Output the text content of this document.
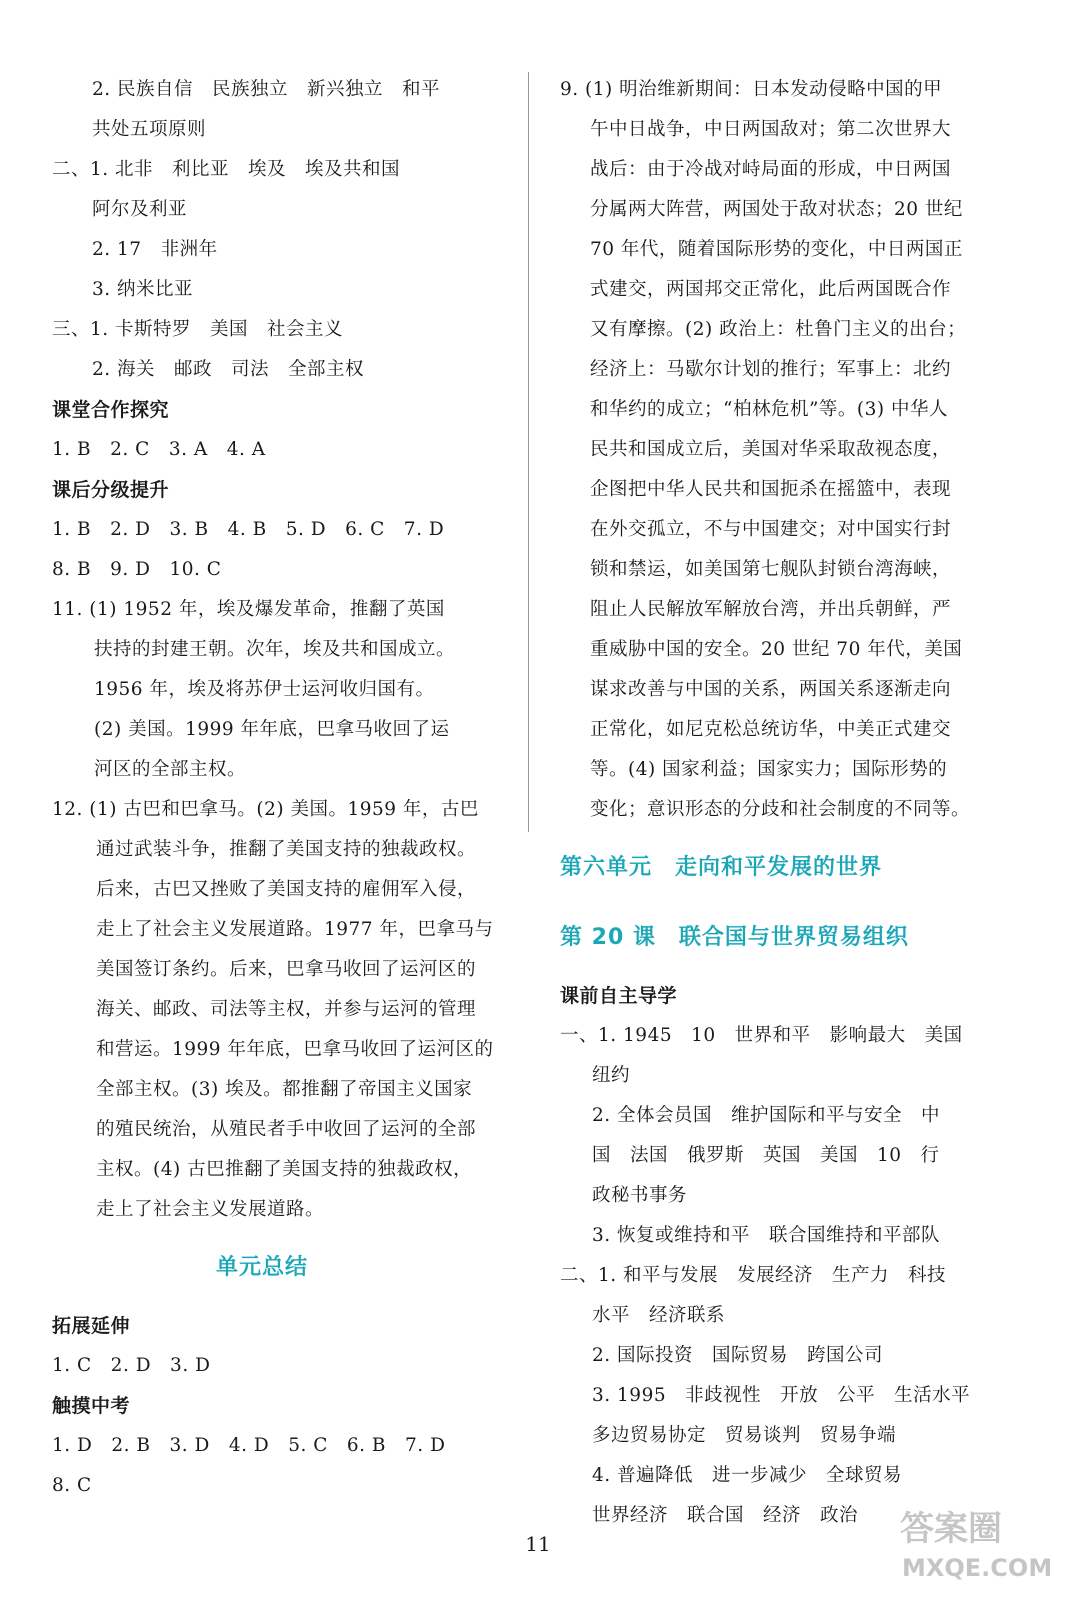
2. 民族自信　民族独立　新兴独立　和平
共处五项原则
二、1. 北非　利比亚　埃及　埃及共和国
阿尔及利亚
2. 17　非洲年
3. 纳米比亚
三、1. 卡斯特罗　美国　社会主义
2. 海关　邮政　司法　全部主权
课堂合作探究
1. B　2. C　3. A　4. A
课后分级提升
1. B　2. D　3. B　4. B　5. D　6. C　7. D
8. B　9. D　10. C
11. (1) 1952 年，埃及爆发革命，推翻了英国
扶持的封建王朝。次年，埃及共和国成立。
1956 年，埃及将苏伊士运河收归国有。
(2) 美国。1999 年年底，巴拿马收回了运
河区的全部主权。
12. (1) 古巴和巴拿马。(2) 美国。1959 年，古巴
通过武装斗争，推翻了美国支持的独裁政权。
后来，古巴又挫败了美国支持的雇佣军入侵，
走上了社会主义发展道路。1977 年，巴拿马与
美国签订条约。后来，巴拿马收回了运河区的
海关、邮政、司法等主权，并参与运河的管理
和营运。1999 年年底，巴拿马收回了运河区的
全部主权。(3) 埃及。都推翻了帝国主义国家
的殖民统治，从殖民者手中收回了运河的全部
主权。(4) 古巴推翻了美国支持的独裁政权，
走上了社会主义发展道路。
单元总结
拓展延伸
1. C　2. D　3. D
触摸中考
1. D　2. B　3. D　4. D　5. C　6. B　7. D
8. C
9. (1) 明治维新期间：日本发动侵略中国的甲
午中日战争，中日两国敌对；第二次世界大
战后：由于冷战对峙局面的形成，中日两国
分属两大阵营，两国处于敌对状态；20 世纪
70 年代，随着国际形势的变化，中日两国正
式建交，两国邦交正常化，此后两国既合作
又有摩擦。(2) 政治上：杜鲁门主义的出台；
经济上：马歇尔计划的推行；军事上：北约
和华约的成立；“柏林危机”等。(3) 中华人
民共和国成立后，美国对华采取敌视态度，
企图把中华人民共和国扼杀在摇篮中，表现
在外交孤立，不与中国建交；对中国实行封
锁和禁运，如美国第七舰队封锁台湾海峡，
阻止人民解放军解放台湾，并出兵朝鲜，严
重威胁中国的安全。20 世纪 70 年代，美国
谋求改善与中国的关系，两国关系逐渐走向
正常化，如尼克松总统访华，中美正式建交
等。(4) 国家利益；国家实力；国际形势的
变化；意识形态的分歧和社会制度的不同等。
第六单元　走向和平发展的世界
第 20 课　联合国与世界贸易组织
课前自主导学
一、1. 1945　10　世界和平　影响最大　美国
纽约
2. 全体会员国　维护国际和平与安全　中
国　法国　俄罗斯　英国　美国　10　行
政秘书事务
3. 恢复或维持和平　联合国维持和平部队
二、1. 和平与发展　发展经济　生产力　科技
水平　经济联系
2. 国际投资　国际贸易　跨国公司
3. 1995　非歧视性　开放　公平　生活水平
多边贸易协定　贸易谈判　贸易争端
4. 普遍降低　进一步减少　全球贸易
世界经济　联合国　经济　政治
11	答案圈
MXQE.COM
